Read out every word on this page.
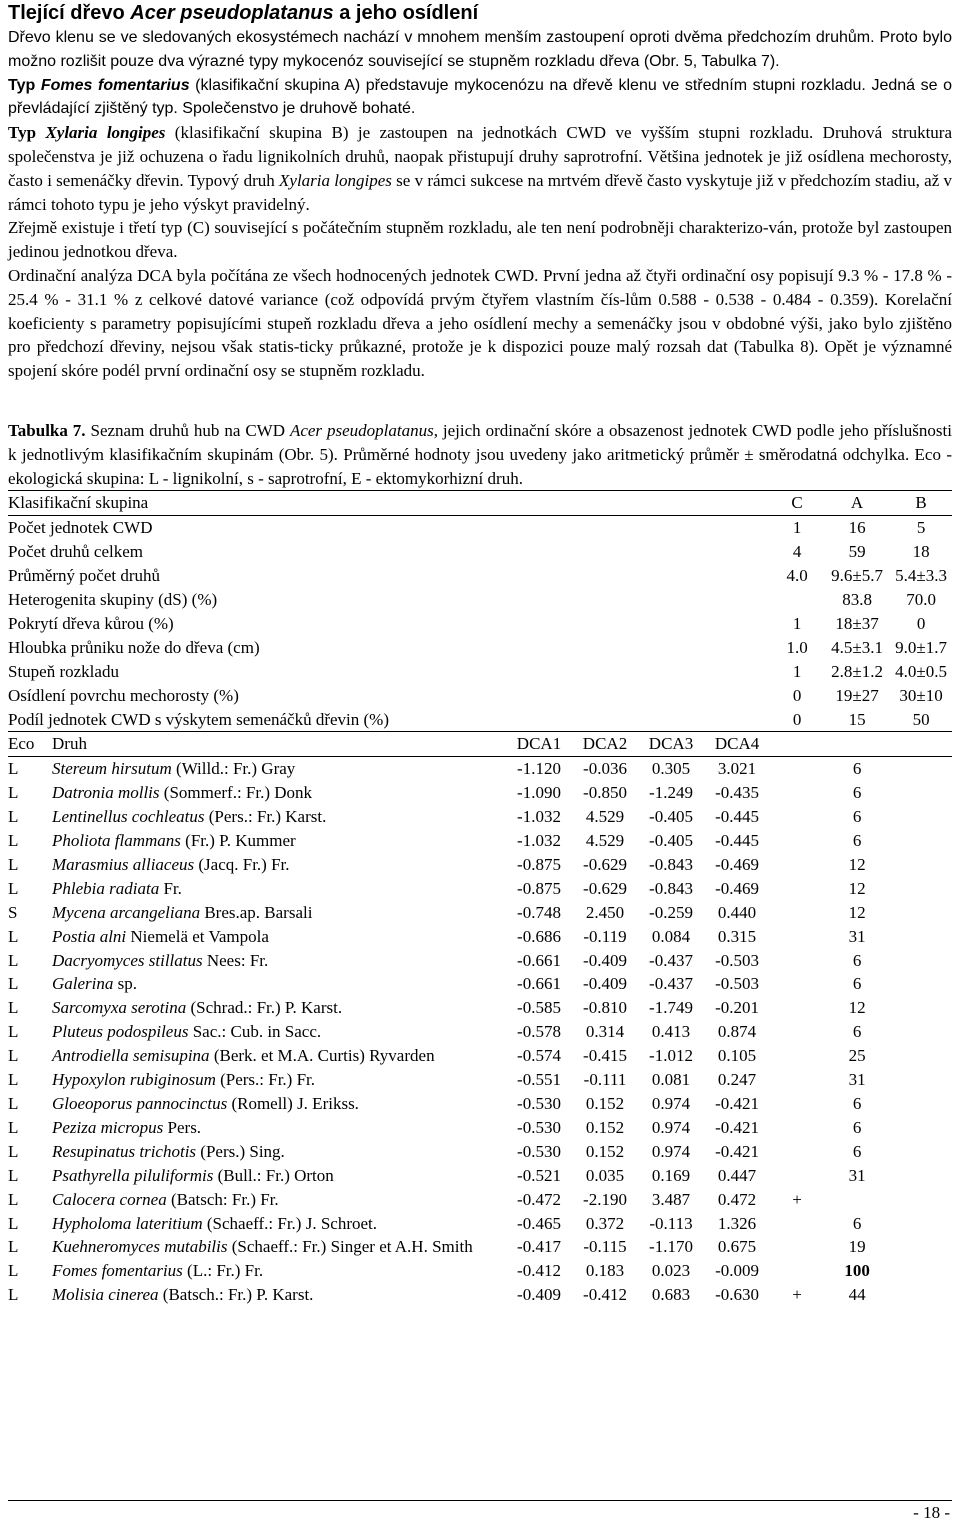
Tlející dřevo Acer pseudoplatanus a jeho osídlení

Dřevo klenu se ve sledovaných ekosystémech nachází v mnohem menším zastoupení oproti dvěma předchozím druhům. Proto bylo možno rozlišit pouze dva výrazné typy mykocenóz související se stupněm rozkladu dřeva (Obr. 5, Tabulka 7).

Typ Fomes fomentarius (klasifikační skupina A) představuje mykocenózu na dřevě klenu ve středním stupni rozkladu. Jedná se o převládající zjištěný typ. Společenstvo je druhově bohaté.

Typ Xylaria longipes (klasifikační skupina B) je zastoupen na jednotkách CWD ve vyšším stupni rozkladu. Druhová struktura společenstva je již ochuzena o řadu lignikolních druhů, naopak přistupují druhy saprotrofní. Většina jednotek je již osídlena mechorosty, často i semenáčky dřevin. Typový druh Xylaria longipes se v rámci sukcese na mrtvém dřevě často vyskytuje již v předchozím stadiu, až v rámci tohoto typu je jeho výskyt pravidelný.

Zřejmě existuje i třetí typ (C) související s počátečním stupněm rozkladu, ale ten není podrobněji charakterizo-ván, protože byl zastoupen jedinou jednotkou dřeva.

Ordinační analýza DCA byla počítána ze všech hodnocených jednotek CWD. První jedna až čtyři ordinační osy popisují 9.3 % - 17.8 % - 25.4 % - 31.1 % z celkové datové variance (což odpovídá prvým čtyřem vlastním čís-lům 0.588 - 0.538 - 0.484 - 0.359). Korelační koeficienty s parametry popisujícími stupeň rozkladu dřeva a jeho osídlení mechy a semenáčky jsou v obdobné výši, jako bylo zjištěno pro předchozí dřeviny, nejsou však statis-ticky průkazné, protože je k dispozici pouze malý rozsah dat (Tabulka 8). Opět je významné spojení skóre podél první ordinační osy se stupněm rozkladu.

Tabulka 7. Seznam druhů hub na CWD Acer pseudoplatanus, jejich ordinační skóre a obsazenost jednotek CWD podle jeho příslušnosti k jednotlivým klasifikačním skupinám (Obr. 5). Průměrné hodnoty jsou uvedeny jako aritmetický průměr ± směrodatná odchylka. Eco - ekologická skupina: L - lignikolní, s - saprotrofní, E - ektomykorhizní druh.

Klasifikační skupina						C	A	B
Počet jednotek CWD						1	16	5
Počet druhů celkem						4	59	18
Průměrný počet druhů						4.0	9.6±5.7	5.4±3.3
Heterogenita skupiny (dS) (%)							83.8	70.0
Pokrytí dřeva kůrou (%)						1	18±37	0
Hloubka průniku nože do dřeva (cm)						1.0	4.5±3.1	9.0±1.7
Stupeň rozkladu						1	2.8±1.2	4.0±0.5
Osídlení povrchu mechorosty (%)						0	19±27	30±10
Podíl jednotek CWD s výskytem semenáčků dřevin (%)						0	15	50
Eco	Druh	DCA1	DCA2	DCA3	DCA4			
L	Stereum hirsutum (Willd.: Fr.) Gray	-1.120	-0.036	0.305	3.021		6	
L	Datronia mollis (Sommerf.: Fr.) Donk	-1.090	-0.850	-1.249	-0.435		6	
L	Lentinellus cochleatus (Pers.: Fr.) Karst.	-1.032	4.529	-0.405	-0.445		6	
L	Pholiota flammans (Fr.) P. Kummer	-1.032	4.529	-0.405	-0.445		6	
L	Marasmius alliaceus (Jacq. Fr.) Fr.	-0.875	-0.629	-0.843	-0.469		12	
L	Phlebia radiata Fr.	-0.875	-0.629	-0.843	-0.469		12	
S	Mycena arcangeliana Bres.ap. Barsali	-0.748	2.450	-0.259	0.440		12	
L	Postia alni Niemelä et Vampola	-0.686	-0.119	0.084	0.315		31	
L	Dacryomyces stillatus Nees: Fr.	-0.661	-0.409	-0.437	-0.503		6	
L	Galerina sp.	-0.661	-0.409	-0.437	-0.503		6	
L	Sarcomyxa serotina (Schrad.: Fr.) P. Karst.	-0.585	-0.810	-1.749	-0.201		12	
L	Pluteus podospileus Sac.: Cub. in Sacc.	-0.578	0.314	0.413	0.874		6	
L	Antrodiella semisupina (Berk. et M.A. Curtis) Ryvarden	-0.574	-0.415	-1.012	0.105		25	
L	Hypoxylon rubiginosum (Pers.: Fr.) Fr.	-0.551	-0.111	0.081	0.247		31	
L	Gloeoporus pannocinctus (Romell) J. Erikss.	-0.530	0.152	0.974	-0.421		6	
L	Peziza micropus Pers.	-0.530	0.152	0.974	-0.421		6	
L	Resupinatus trichotis (Pers.) Sing.	-0.530	0.152	0.974	-0.421		6	
L	Psathyrella piluliformis (Bull.: Fr.) Orton	-0.521	0.035	0.169	0.447		31	
L	Calocera cornea (Batsch: Fr.) Fr.	-0.472	-2.190	3.487	0.472	+		
L	Hypholoma lateritium (Schaeff.: Fr.) J. Schroet.	-0.465	0.372	-0.113	1.326		6	
L	Kuehneromyces mutabilis (Schaeff.: Fr.) Singer et A.H. Smith	-0.417	-0.115	-1.170	0.675		19	
L	Fomes fomentarius (L.: Fr.) Fr.	-0.412	0.183	0.023	-0.009		100	
L	Molisia cinerea (Batsch.: Fr.) P. Karst.	-0.409	-0.412	0.683	-0.630	+	44	
- 18 -
